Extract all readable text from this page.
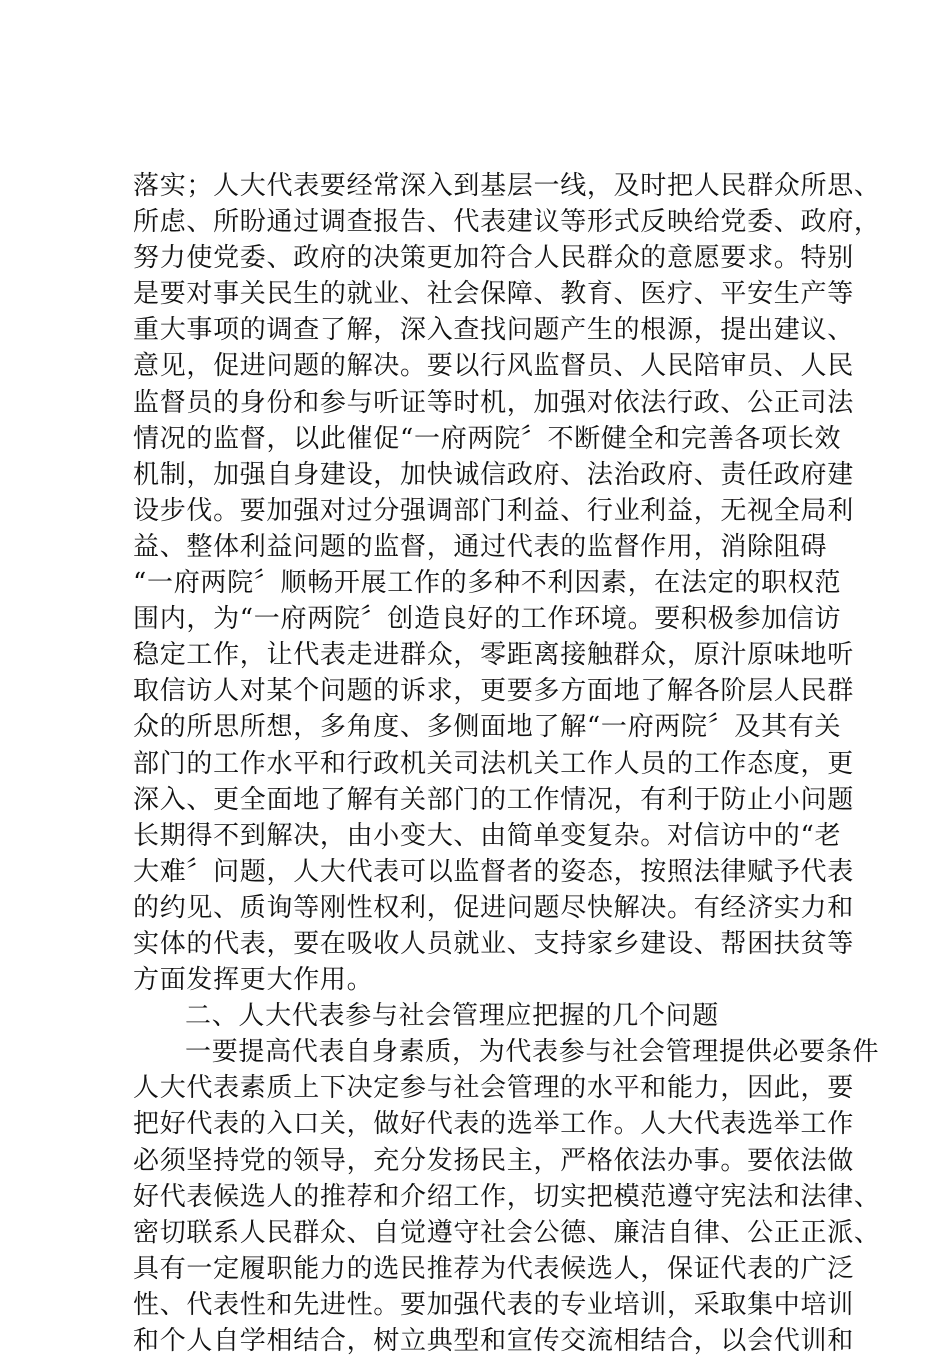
落实；人大代表要经常深入到基层一线，及时把人民群众所思、
所虑、所盼通过调查报告、代表建议等形式反映给党委、政府，
努力使党委、政府的决策更加符合人民群众的意愿要求。特别
是要对事关民生的就业、社会保障、教育、医疗、平安生产等
重大事项的调查了解，深入查找问题产生的根源，提出建议、
意见，促进问题的解决。要以行风监督员、人民陪审员、人民
监督员的身份和参与听证等时机，加强对依法行政、公正司法
情况的监督，以此催促“一府两院〞不断健全和完善各项长效
机制，加强自身建设，加快诚信政府、法治政府、责任政府建
设步伐。要加强对过分强调部门利益、行业利益，无视全局利
益、整体利益问题的监督，通过代表的监督作用，消除阻碍
“一府两院〞顺畅开展工作的多种不利因素，在法定的职权范
围内，为“一府两院〞创造良好的工作环境。要积极参加信访
稳定工作，让代表走进群众，零距离接触群众，原汁原味地听
取信访人对某个问题的诉求，更要多方面地了解各阶层人民群
众的所思所想，多角度、多侧面地了解“一府两院〞及其有关
部门的工作水平和行政机关司法机关工作人员的工作态度，更
深入、更全面地了解有关部门的工作情况，有利于防止小问题
长期得不到解决，由小变大、由简单变复杂。对信访中的“老
大难〞问题，人大代表可以监督者的姿态，按照法律赋予代表
的约见、质询等刚性权利，促进问题尽快解决。有经济实力和
实体的代表，要在吸收人员就业、支持家乡建设、帮困扶贫等
方面发挥更大作用。
二、人大代表参与社会管理应把握的几个问题
一要提高代表自身素质，为代表参与社会管理提供必要条件
人大代表素质上下决定参与社会管理的水平和能力，因此，要
把好代表的入口关，做好代表的选举工作。人大代表选举工作
必须坚持党的领导，充分发扬民主，严格依法办事。要依法做
好代表候选人的推荐和介绍工作，切实把模范遵守宪法和法律、
密切联系人民群众、自觉遵守社会公德、廉洁自律、公正正派、
具有一定履职能力的选民推荐为代表候选人，保证代表的广泛
性、代表性和先进性。要加强代表的专业培训，采取集中培训
和个人自学相结合，树立典型和宣传交流相结合，以会代训和
